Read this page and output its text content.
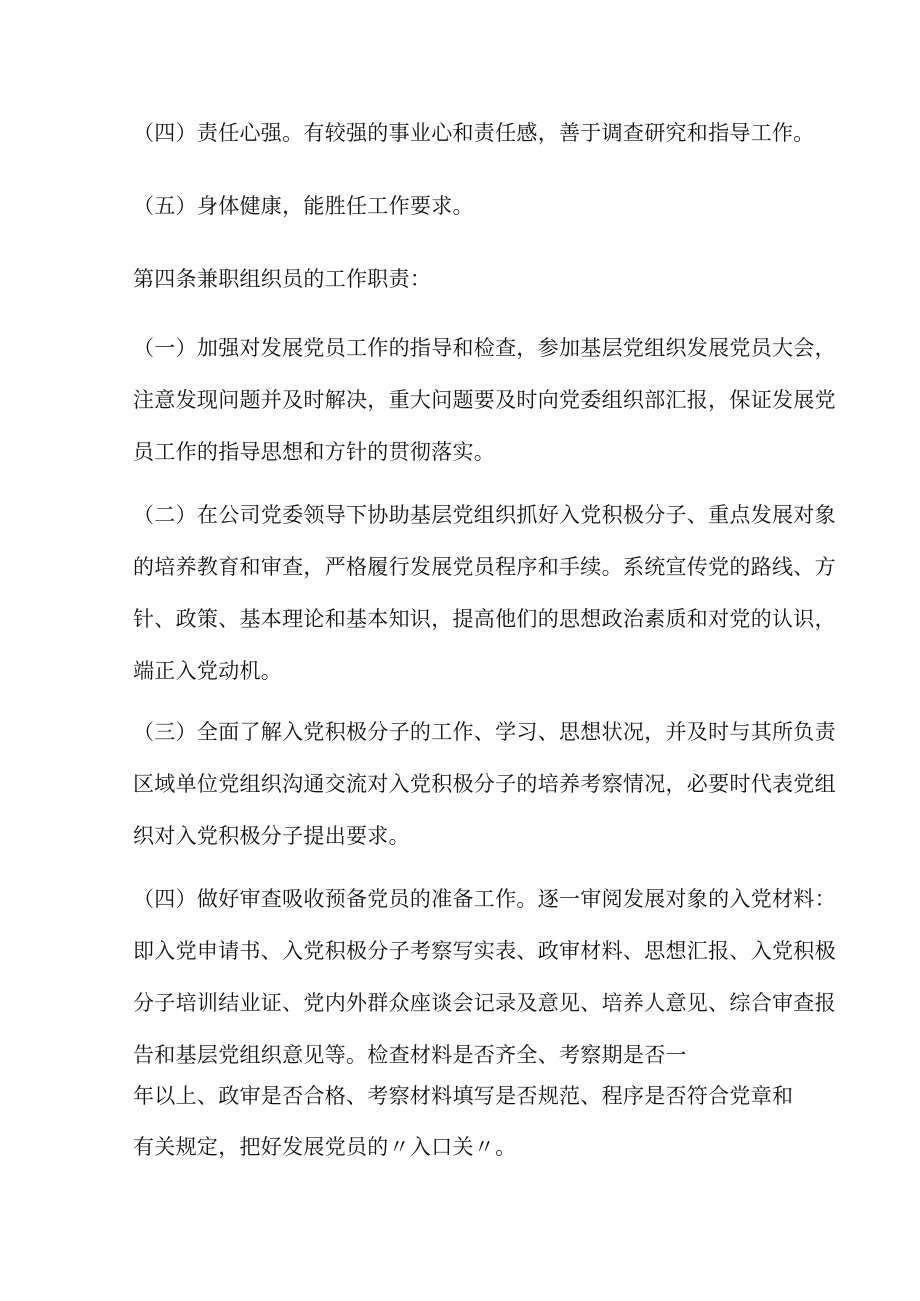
（四）责任心强。有较强的事业心和责任感，善于调查研究和指导工作。

（五）身体健康，能胜任工作要求。

第四条兼职组织员的工作职责：

（一）加强对发展党员工作的指导和检查，参加基层党组织发展党员大会，
注意发现问题并及时解决，重大问题要及时向党委组织部汇报，保证发展党
员工作的指导思想和方针的贯彻落实。

（二）在公司党委领导下协助基层党组织抓好入党积极分子、重点发展对象
的培养教育和审查，严格履行发展党员程序和手续。系统宣传党的路线、方
针、政策、基本理论和基本知识，提高他们的思想政治素质和对党的认识，
端正入党动机。

（三）全面了解入党积极分子的工作、学习、思想状况，并及时与其所负责
区域单位党组织沟通交流对入党积极分子的培养考察情况，必要时代表党组
织对入党积极分子提出要求。

（四）做好审查吸收预备党员的准备工作。逐一审阅发展对象的入党材料：
即入党申请书、入党积极分子考察写实表、政审材料、思想汇报、入党积极
分子培训结业证、党内外群众座谈会记录及意见、培养人意见、综合审查报
告和基层党组织意见等。检查材料是否齐全、考察期是否一

年以上、政审是否合格、考察材料填写是否规范、程序是否符合党章和

有关规定，把好发展党员的〃入口关〃。
